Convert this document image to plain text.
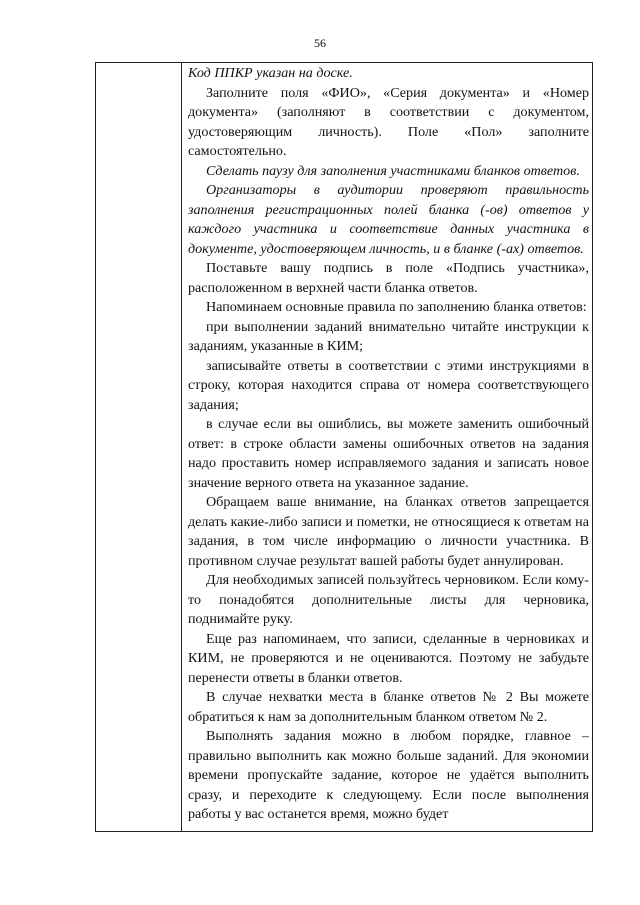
56

Код ППКР указан на доске.

Заполните поля «ФИО», «Серия документа» и «Номер документа» (заполняют в соответствии с документом, удостоверяющим личность). Поле «Пол» заполните самостоятельно.

Сделать паузу для заполнения участниками бланков ответов.

Организаторы в аудитории проверяют правильность заполнения регистрационных полей бланка (-ов) ответов у каждого участника и соответствие данных участника в документе, удостоверяющем личность, и в бланке (-ах) ответов.

Поставьте вашу подпись в поле «Подпись участника», расположенном в верхней части бланка ответов.

Напоминаем основные правила по заполнению бланка ответов:

при выполнении заданий внимательно читайте инструкции к заданиям, указанные в КИМ;

записывайте ответы в соответствии с этими инструкциями в строку, которая находится справа от номера соответствующего задания;

в случае если вы ошиблись, вы можете заменить ошибочный ответ: в строке области замены ошибочных ответов на задания надо проставить номер исправляемого задания и записать новое значение верного ответа на указанное задание.

Обращаем ваше внимание, на бланках ответов запрещается делать какие-либо записи и пометки, не относящиеся к ответам на задания, в том числе информацию о личности участника. В противном случае результат вашей работы будет аннулирован.

Для необходимых записей пользуйтесь черновиком. Если кому-то понадобятся дополнительные листы для черновика, поднимайте руку.

Еще раз напоминаем, что записи, сделанные в черновиках и КИМ, не проверяются и не оцениваются. Поэтому не забудьте перенести ответы в бланки ответов.

В случае нехватки места в бланке ответов № 2 Вы можете обратиться к нам за дополнительным бланком ответом № 2.

Выполнять задания можно в любом порядке, главное – правильно выполнить как можно больше заданий. Для экономии времени пропускайте задание, которое не удаётся выполнить сразу, и переходите к следующему. Если после выполнения работы у вас останется время, можно будет
